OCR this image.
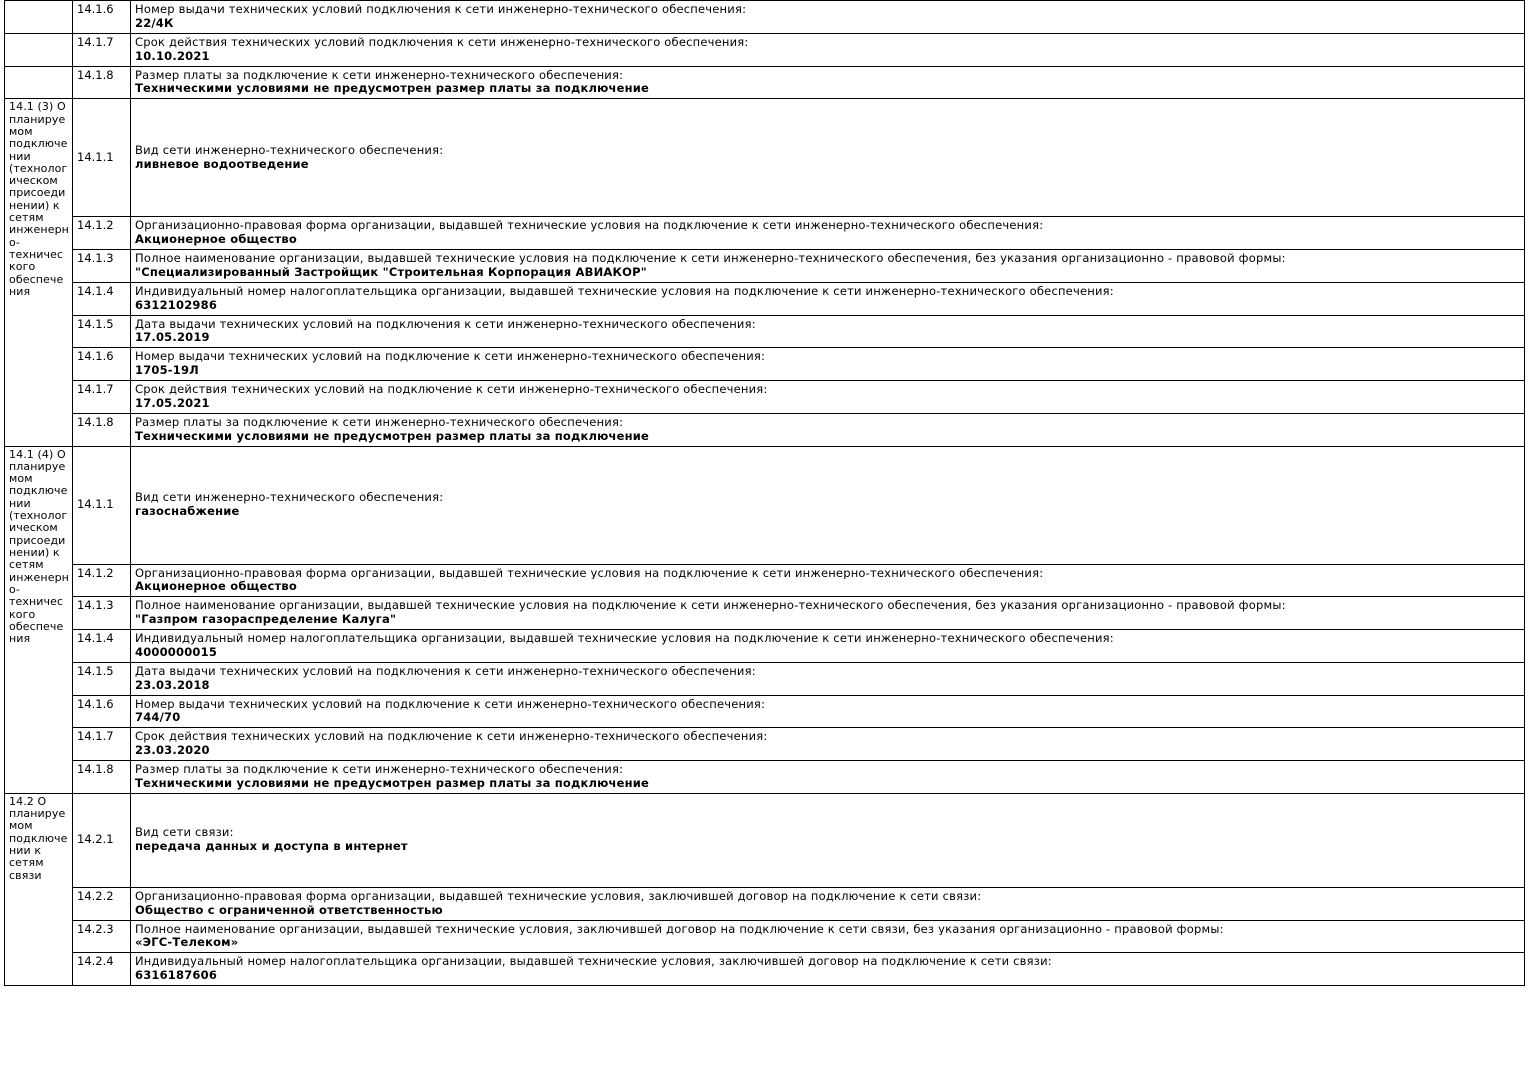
	14.1.6	Номер выдачи технических условий подключения к сети инженерно-технического обеспечения:
22/4К

	14.1.7	Срок действия технических условий подключения к сети инженерно-технического обеспечения:
10.10.2021

	14.1.8	Размер платы за подключение к сети инженерно-технического обеспечения:
Техническими условиями не предусмотрен размер платы за подключение

14.1 (3) О планируемом подключении (технологическом присоединении) к сетям инженерно-технического обеспечения	14.1.1	Вид сети инженерно-технического обеспечения:
ливневое водоотведение

	14.1.2	Организационно-правовая форма организации, выдавшей технические условия на подключение к сети инженерно-технического обеспечения:
Акционерное общество

	14.1.3	Полное наименование организации, выдавшей технические условия на подключение к сети инженерно-технического обеспечения, без указания организационно - правовой формы:
"Специализированный Застройщик "Строительная Корпорация АВИАКОР"

	14.1.4	Индивидуальный номер налогоплательщика организации, выдавшей технические условия на подключение к сети инженерно-технического обеспечения:
6312102986

	14.1.5	Дата выдачи технических условий на подключения к сети инженерно-технического обеспечения:
17.05.2019

	14.1.6	Номер выдачи технических условий на подключение к сети инженерно-технического обеспечения:
1705-19Л

	14.1.7	Срок действия технических условий на подключение к сети инженерно-технического обеспечения:
17.05.2021

	14.1.8	Размер платы за подключение к сети инженерно-технического обеспечения:
Техническими условиями не предусмотрен размер платы за подключение

14.1 (4) О планируемом подключении (технологическом присоединении) к сетям инженерно-технического обеспечения	14.1.1	Вид сети инженерно-технического обеспечения:
газоснабжение

	14.1.2	Организационно-правовая форма организации, выдавшей технические условия на подключение к сети инженерно-технического обеспечения:
Акционерное общество

	14.1.3	Полное наименование организации, выдавшей технические условия на подключение к сети инженерно-технического обеспечения, без указания организационно - правовой формы:
"Газпром газораспределение Калуга"

	14.1.4	Индивидуальный номер налогоплательщика организации, выдавшей технические условия на подключение к сети инженерно-технического обеспечения:
4000000015

	14.1.5	Дата выдачи технических условий на подключения к сети инженерно-технического обеспечения:
23.03.2018

	14.1.6	Номер выдачи технических условий на подключение к сети инженерно-технического обеспечения:
744/70

	14.1.7	Срок действия технических условий на подключение к сети инженерно-технического обеспечения:
23.03.2020

	14.1.8	Размер платы за подключение к сети инженерно-технического обеспечения:
Техническими условиями не предусмотрен размер платы за подключение

14.2 О планируемом подключении к сетям связи	14.2.1	Вид сети связи:
передача данных и доступа в интернет

	14.2.2	Организационно-правовая форма организации, выдавшей технические условия, заключившей договор на подключение к сети связи:
Общество с ограниченной ответственностью

	14.2.3	Полное наименование организации, выдавшей технические условия, заключившей договор на подключение к сети связи, без указания организационно - правовой формы:
«ЭГС-Телеком»

	14.2.4	Индивидуальный номер налогоплательщика организации, выдавшей технические условия, заключившей договор на подключение к сети связи:
6316187606
